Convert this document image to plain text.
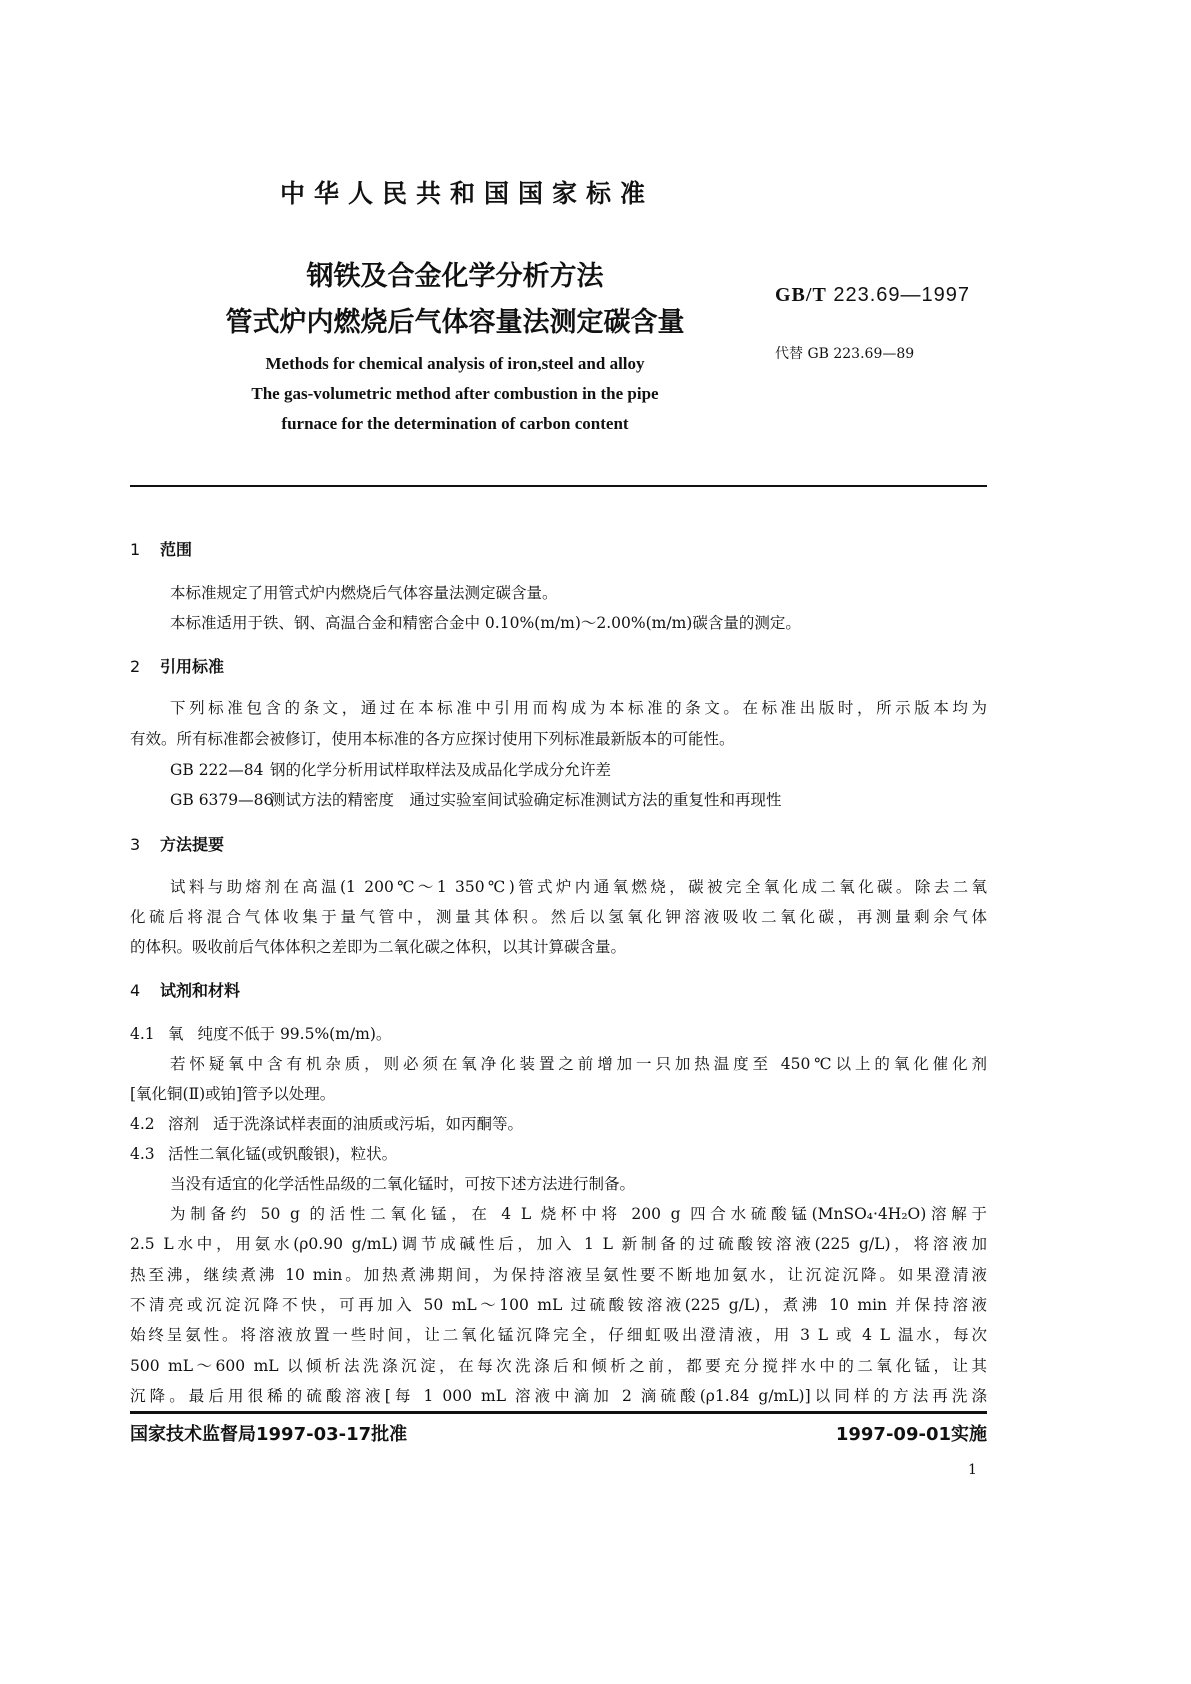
中华人民共和国国家标准
钢铁及合金化学分析方法
管式炉内燃烧后气体容量法测定碳含量
GB/T 223.69—1997
代替 GB 223.69—89
Methods for chemical analysis of iron,steel and alloy
The gas-volumetric method after combustion in the pipe
furnace for the determination of carbon content
1 范围
本标准规定了用管式炉内燃烧后气体容量法测定碳含量。
本标准适用于铁、钢、高温合金和精密合金中 0.10%(m/m)～2.00%(m/m)碳含量的测定。
2 引用标准
下列标准包含的条文，通过在本标准中引用而构成为本标准的条文。在标准出版时，所示版本均为
有效。所有标准都会被修订，使用本标准的各方应探讨使用下列标准最新版本的可能性。
GB 222—84 钢的化学分析用试样取样法及成品化学成分允许差
GB 6379—86测试方法的精密度　通过实验室间试验确定标准测试方法的重复性和再现性
3 方法提要
试料与助熔剂在高温(1 200℃～1 350℃)管式炉内通氧燃烧，碳被完全氧化成二氧化碳。除去二氧
化硫后将混合气体收集于量气管中，测量其体积。然后以氢氧化钾溶液吸收二氧化碳，再测量剩余气体
的体积。吸收前后气体体积之差即为二氧化碳之体积，以其计算碳含量。
4 试剂和材料
4.1 氧 纯度不低于 99.5%(m/m)。
若怀疑氧中含有机杂质，则必须在氧净化装置之前增加一只加热温度至 450℃以上的氧化催化剂
[氧化铜(Ⅱ)或铂]管予以处理。
4.2 溶剂 适于洗涤试样表面的油质或污垢，如丙酮等。
4.3 活性二氧化锰(或钒酸银)，粒状。
当没有适宜的化学活性品级的二氧化锰时，可按下述方法进行制备。
为制备约 50 g 的活性二氧化锰，在 4 L 烧杯中将 200 g 四合水硫酸锰(MnSO₄·4H₂O)溶解于
2.5 L水中，用氨水(ρ0.90 g/mL)调节成碱性后，加入 1 L 新制备的过硫酸铵溶液(225 g/L)，将溶液加
热至沸，继续煮沸 10 min。加热煮沸期间，为保持溶液呈氨性要不断地加氨水，让沉淀沉降。如果澄清液
不清亮或沉淀沉降不快，可再加入 50 mL～100 mL 过硫酸铵溶液(225 g/L)，煮沸 10 min 并保持溶液
始终呈氨性。将溶液放置一些时间，让二氧化锰沉降完全，仔细虹吸出澄清液，用 3 L 或 4 L 温水，每次
500 mL～600 mL 以倾析法洗涤沉淀，在每次洗涤后和倾析之前，都要充分搅拌水中的二氧化锰，让其
沉降。最后用很稀的硫酸溶液[每 1 000 mL 溶液中滴加 2 滴硫酸(ρ1.84 g/mL)]以同样的方法再洗涤
国家技术监督局1997-03-17批准	1997-09-01实施
1
